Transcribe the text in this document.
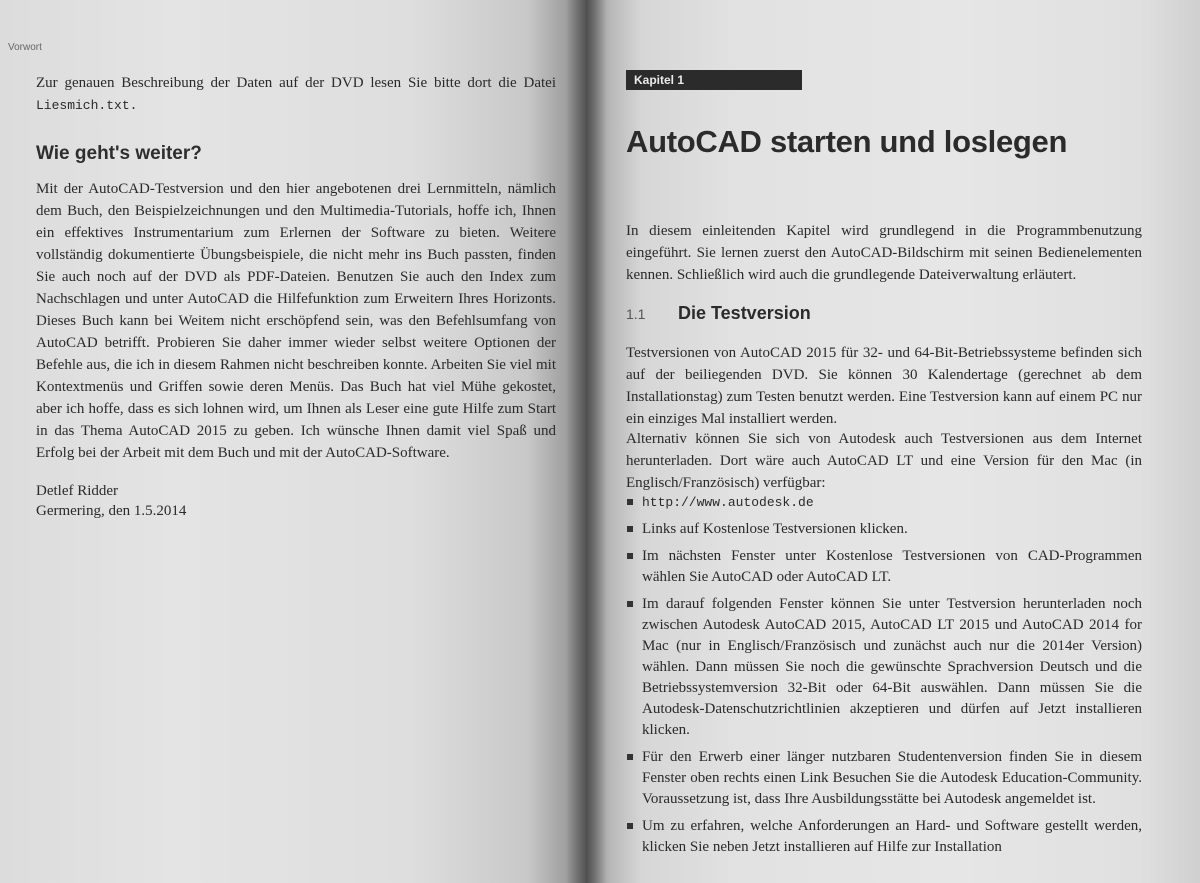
Vorwort

Zur genauen Beschreibung der Daten auf der DVD lesen Sie bitte dort die Datei Liesmich.txt.

Wie geht's weiter?

Mit der AutoCAD-Testversion und den hier angebotenen drei Lernmitteln, nämlich dem Buch, den Beispielzeichnungen und den Multimedia-Tutorials, hoffe ich, Ihnen ein effektives Instrumentarium zum Erlernen der Software zu bieten. Weitere vollständig dokumentierte Übungsbeispiele, die nicht mehr ins Buch passten, finden Sie auch noch auf der DVD als PDF-Dateien. Benutzen Sie auch den Index zum Nachschlagen und unter AutoCAD die Hilfefunktion zum Erweitern Ihres Horizonts. Dieses Buch kann bei Weitem nicht erschöpfend sein, was den Befehlsumfang von AutoCAD betrifft. Probieren Sie daher immer wieder selbst weitere Optionen der Befehle aus, die ich in diesem Rahmen nicht beschreiben konnte. Arbeiten Sie viel mit Kontextmenüs und Griffen sowie deren Menüs. Das Buch hat viel Mühe gekostet, aber ich hoffe, dass es sich lohnen wird, um Ihnen als Leser eine gute Hilfe zum Start in das Thema AutoCAD 2015 zu geben. Ich wünsche Ihnen damit viel Spaß und Erfolg bei der Arbeit mit dem Buch und mit der AutoCAD-Software.

Detlef Ridder

Germering, den 1.5.2014

Kapitel 1
AutoCAD starten und loslegen

In diesem einleitenden Kapitel wird grundlegend in die Programmbenutzung eingeführt. Sie lernen zuerst den AutoCAD-Bildschirm mit seinen Bedienelementen kennen. Schließlich wird auch die grundlegende Dateiverwaltung erläutert.

1.1 Die Testversion

Testversionen von AutoCAD 2015 für 32- und 64-Bit-Betriebssysteme befinden sich auf der beiliegenden DVD. Sie können 30 Kalendertage (gerechnet ab dem Installationstag) zum Testen benutzt werden. Eine Testversion kann auf einem PC nur ein einziges Mal installiert werden.

Alternativ können Sie sich von Autodesk auch Testversionen aus dem Internet herunterladen. Dort wäre auch AutoCAD LT und eine Version für den Mac (in Englisch/Französisch) verfügbar:

http://www.autodesk.de
Links auf Kostenlose Testversionen klicken.
Im nächsten Fenster unter Kostenlose Testversionen von CAD-Programmen wählen Sie AutoCAD oder AutoCAD LT.
Im darauf folgenden Fenster können Sie unter Testversion herunterladen noch zwischen Autodesk AutoCAD 2015, AutoCAD LT 2015 und AutoCAD 2014 for Mac (nur in Englisch/Französisch und zunächst auch nur die 2014er Version) wählen. Dann müssen Sie noch die gewünschte Sprachversion Deutsch und die Betriebssystemversion 32-Bit oder 64-Bit auswählen. Dann müssen Sie die Autodesk-Datenschutzrichtlinien akzeptieren und dürfen auf Jetzt installieren klicken.
Für den Erwerb einer länger nutzbaren Studentenversion finden Sie in diesem Fenster oben rechts einen Link Besuchen Sie die Autodesk Education-Community. Voraussetzung ist, dass Ihre Ausbildungsstätte bei Autodesk angemeldet ist.
Um zu erfahren, welche Anforderungen an Hard- und Software gestellt werden, klicken Sie neben Jetzt installieren auf Hilfe zur Installation
